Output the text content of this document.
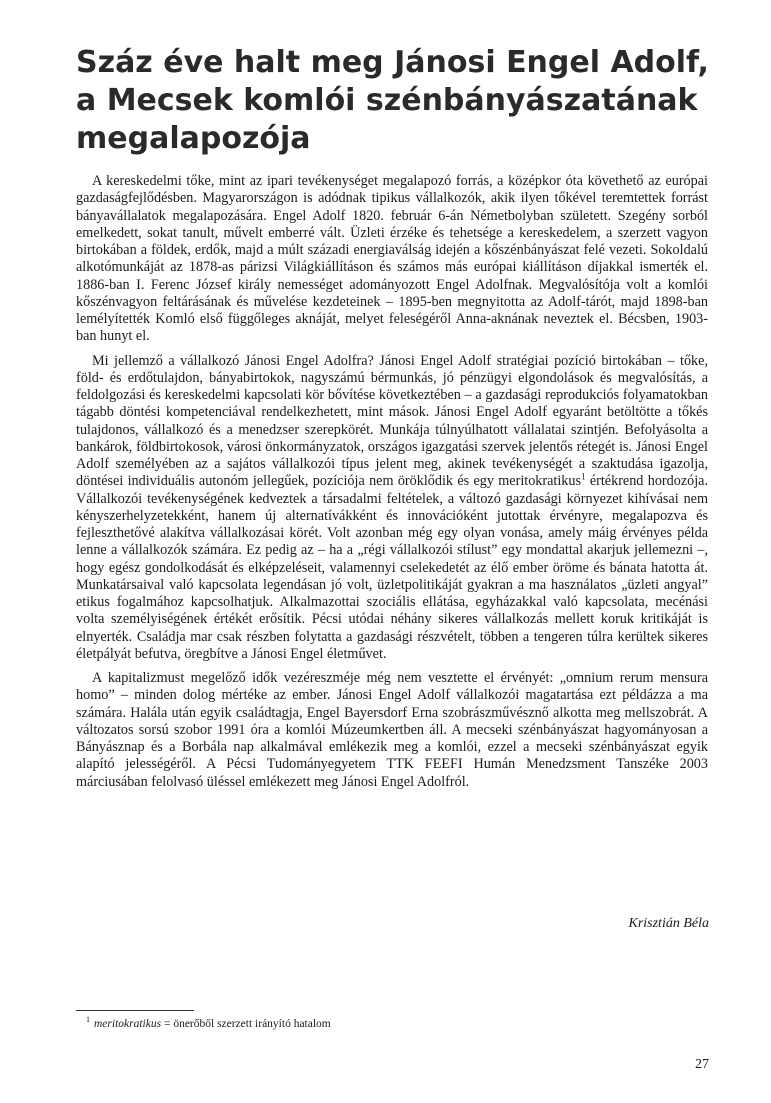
Száz éve halt meg Jánosi Engel Adolf,
a Mecsek komlói szénbányászatának
megalapozója

A kereskedelmi tőke, mint az ipari tevékenységet megalapozó forrás, a középkor óta követhető az európai gazdaságfejlődésben. Magyarországon is adódnak tipikus vállalkozók, akik ilyen tőkével teremtettek forrást bányavállalatok megalapozására. Engel Adolf 1820. február 6-án Németbolyban született. Szegény sorból emelkedett, sokat tanult, művelt emberré vált. Üzleti érzéke és tehetsége a kereskedelem, a szerzett vagyon birtokában a földek, erdők, majd a múlt századi energiaválság idején a kőszénbányászat felé vezeti. Sokoldalú alkotómunkáját az 1878-as párizsi Világkiállításon és számos más európai kiállításon díjakkal ismerték el. 1886-ban I. Ferenc József király nemességet adományozott Engel Adolfnak. Megvalósítója volt a komlói kőszénvagyon feltárásának és művelése kezdeteinek – 1895-ben megnyitotta az Adolf-tárót, majd 1898-ban lemélyítették Komló első függőleges aknáját, melyet feleségéről Anna-aknának neveztek el. Bécsben, 1903-ban hunyt el.

Mi jellemző a vállalkozó Jánosi Engel Adolfra? Jánosi Engel Adolf stratégiai pozíció birtokában – tőke, föld- és erdőtulajdon, bányabirtokok, nagyszámú bérmunkás, jó pénzügyi elgondolások és megvalósítás, a feldolgozási és kereskedelmi kapcsolati kör bővítése következtében – a gazdasági reprodukciós folyamatokban tágabb döntési kompetenciával rendelkezhetett, mint mások. Jánosi Engel Adolf egyaránt betöltötte a tőkés tulajdonos, vállalkozó és a menedzser szerepkörét. Munkája túlnyúlhatott vállalatai szintjén. Befolyásolta a bankárok, földbirtokosok, városi önkormányzatok, országos igazgatási szervek jelentős rétegét is. Jánosi Engel Adolf személyében az a sajátos vállalkozói típus jelent meg, akinek tevékenységét a szaktudása igazolja, döntései individuális autonóm jellegűek, pozíciója nem öröklődik és egy meritokratikus$^1$ értékrend hordozója. Vállalkozói tevékenységének kedveztek a társadalmi feltételek, a változó gazdasági környezet kihívásai nem kényszerhelyzetekként, hanem új alternatívákként és innovációként jutottak érvényre, megalapozva és fejleszthetővé alakítva vállalkozásai körét. Volt azonban még egy olyan vonása, amely máig érvényes példa lenne a vállalkozók számára. Ez pedig az – ha a „régi vállalkozói stílust” egy mondattal akarjuk jellemezni –, hogy egész gondolkodását és elképzeléseit, valamennyi cselekedetét az élő ember öröme és bánata hatotta át. Munkatársaival való kapcsolata legendásan jó volt, üzletpolitikáját gyakran a ma használatos „üzleti angyal” etikus fogalmához kapcsolhatjuk. Alkalmazottai szociális ellátása, egyházakkal való kapcsolata, mecénási volta személyiségének értékét erősítik. Pécsi utódai néhány sikeres vállalkozás mellett koruk kritikáját is elnyerték. Családja mar csak részben folytatta a gazdasági részvételt, többen a tengeren túlra kerültek sikeres életpályát befutva, öregbítve a Jánosi Engel életművet.

A kapitalizmust megelőző idők vezéreszméje még nem vesztette el érvényét: „omnium rerum mensura homo” – minden dolog mértéke az ember. Jánosi Engel Adolf vállalkozói magatartása ezt példázza a ma számára. Halála után egyik családtagja, Engel Bayersdorf Erna szobrászművésznő alkotta meg mellszobrát. A változatos sorsú szobor 1991 óra a komlói Múzeumkertben áll. A mecseki szénbányászat hagyományosan a Bányásznap és a Borbála nap alkalmával emlékezik meg a komlói, ezzel a mecseki szénbányászat egyik alapító jelességéről. A Pécsi Tudományegyetem TTK FEEFI Humán Menedzsment Tanszéke 2003 márciusában felolvasó üléssel emlékezett meg Jánosi Engel Adolfról.

Krisztián Béla
$^1$ meritokratikus = önerőből szerzett irányító hatalom
27
